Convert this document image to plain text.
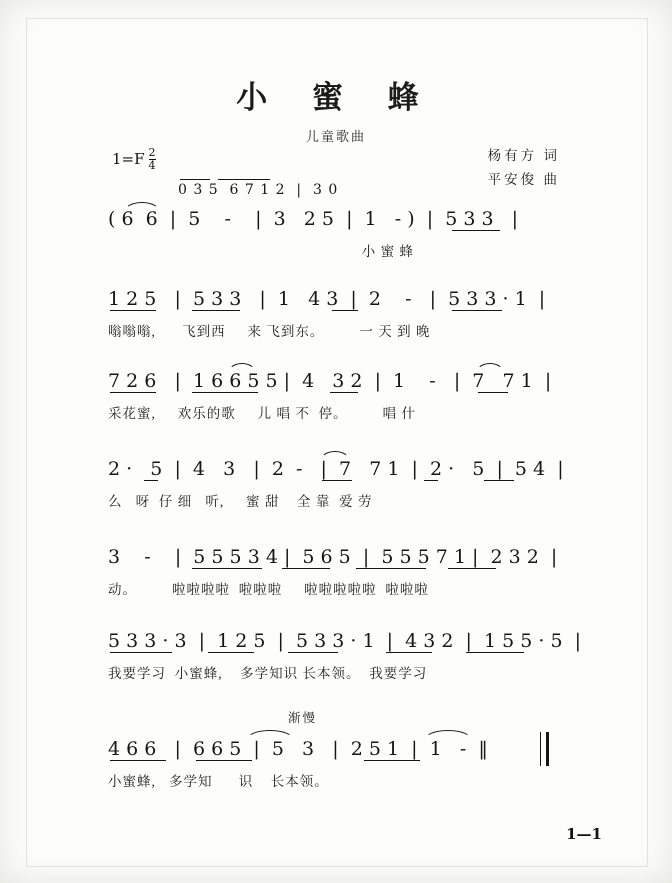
小 蜜 蜂
儿童歌曲
$1=F \frac{2}{4}$	杨有方 词
平安俊 曲
0 3 5  6 7 1 2  |  3 0
( 6  6  |  5    -    |  3   2 5  |  1   - )  |  5 3 3   |
小 蜜 蜂
1 2 5   |  5 3 3   |  1   4 3  |  2    -   |  5 3 3 · 1  |
嗡嗡嗡,      飞到西     来 飞到东。        一 天 到 晚
7 2 6   |  1 6 6 5 5 |  4   3 2  |  1    -   |  7   7 1  |
采花蜜,     欢乐的歌     儿 唱 不  停。        唱 什
2 ·   5  |  4   3   |  2  -   |  7   7 1  |  2 ·   5  |  5 4  |
么   呀  仔 细   听,     蜜 甜    全 靠  爱 劳
3    -    |  5 5 5 3 4 |  5 6 5  |  5 5 5 7 1 |  2 3 2  |
动。        啦啦啦啦  啦啦啦     啦啦啦啦啦  啦啦啦
5 3 3 · 3  |  1 2 5  |  5 3 3 · 1  |  4 3 2  |  1 5 5 · 5  |
我要学习  小蜜蜂,    多学知识 长本领。  我要学习
渐慢
4 6 6   |  6 6 5  |  5   3   |  2 5 1  |  1   -  ‖
小蜜蜂,   多学知      识    长本领。
1—1
